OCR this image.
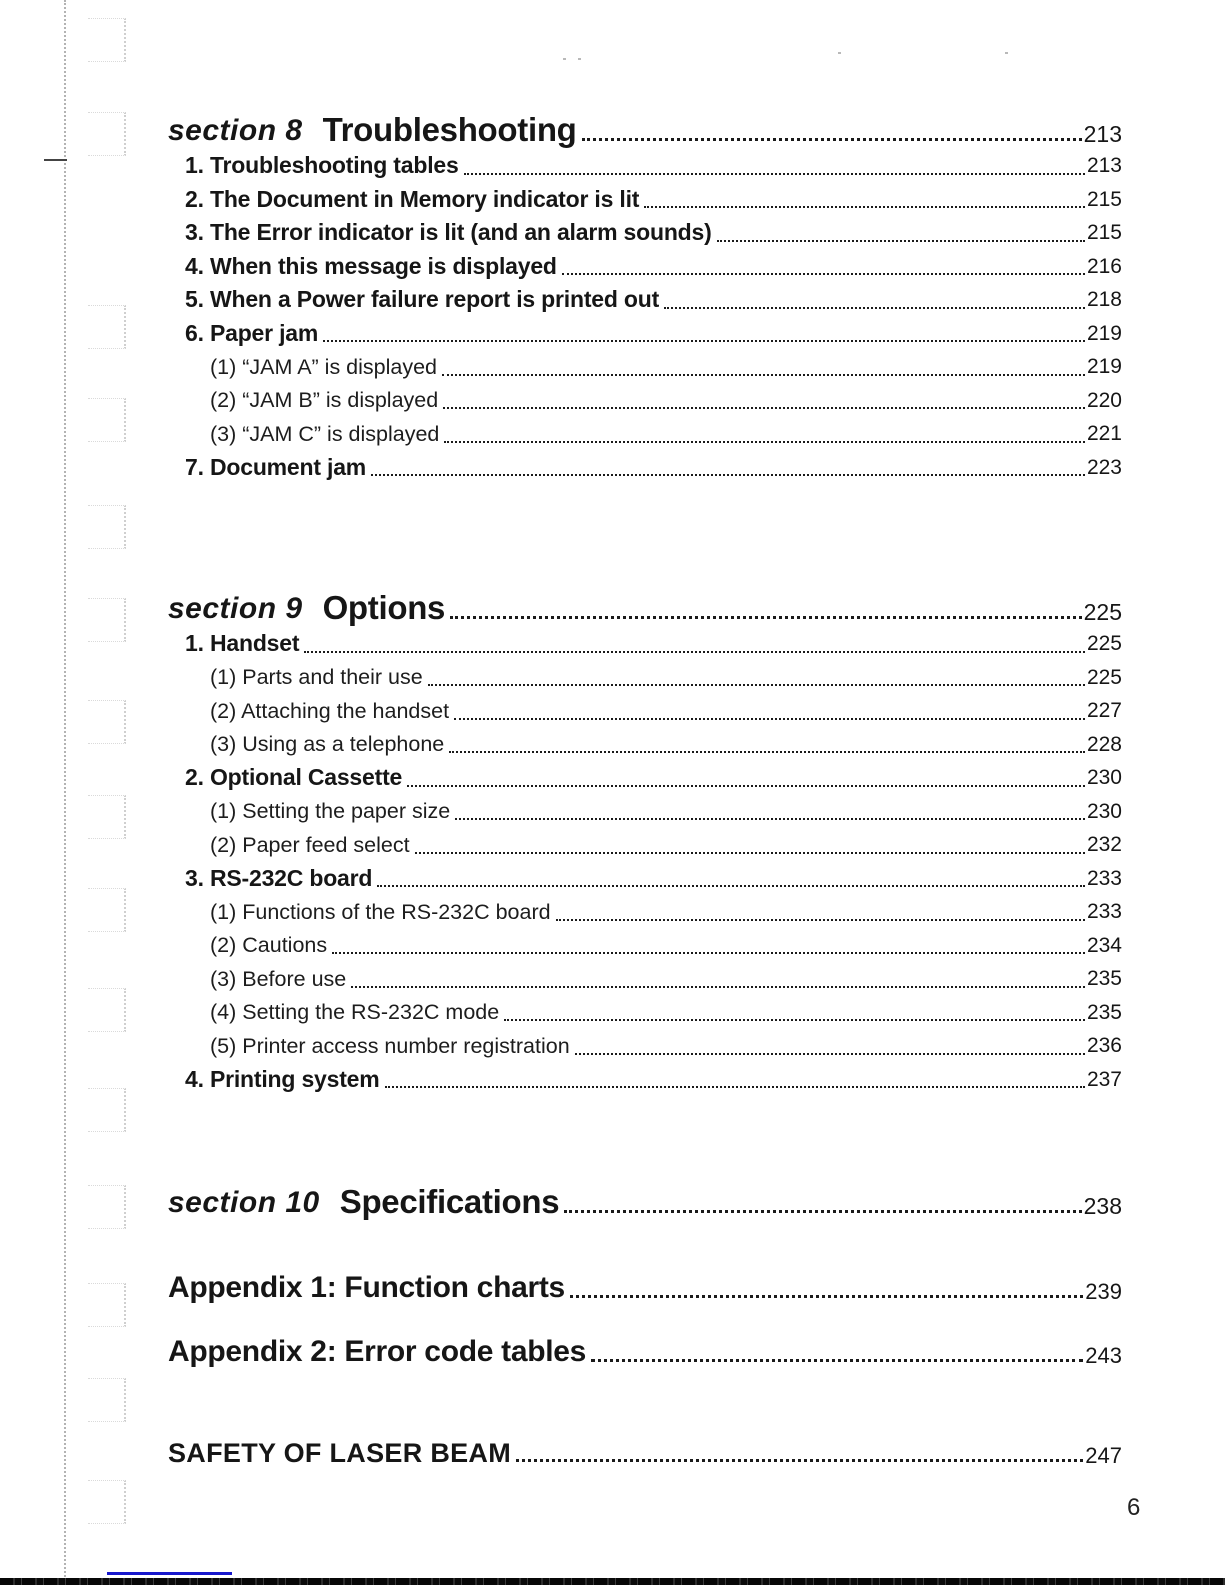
section 8 Troubleshooting	213
1. Troubleshooting tables	213
2. The Document in Memory indicator is lit	215
3. The Error indicator is lit (and an alarm sounds)	215
4. When this message is displayed	216
5. When a Power failure report is printed out	218
6. Paper jam	219
(1) “JAM A” is displayed	219
(2) “JAM B” is displayed	220
(3) “JAM C” is displayed	221
7. Document jam	223
section 9 Options	225
1. Handset	225
(1) Parts and their use	225
(2) Attaching the handset	227
(3) Using as a telephone	228
2. Optional Cassette	230
(1) Setting the paper size	230
(2) Paper feed select	232
3. RS-232C board	233
(1) Functions of the RS-232C board	233
(2) Cautions	234
(3) Before use	235
(4) Setting the RS-232C mode	235
(5) Printer access number registration	236
4. Printing system	237
section 10 Specifications	238
Appendix 1: Function charts	239
Appendix 2: Error code tables	243
SAFETY OF LASER BEAM	247
6
